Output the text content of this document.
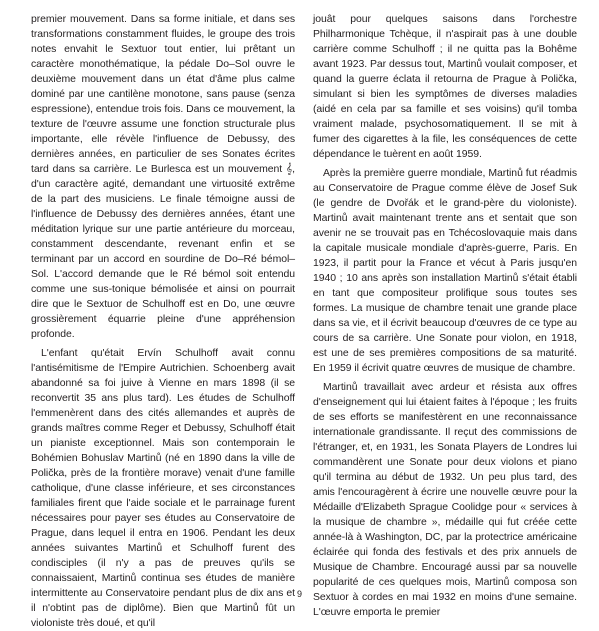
premier mouvement. Dans sa forme initiale, et dans ses transformations constamment fluides, le groupe des trois notes envahit le Sextuor tout entier, lui prêtant un caractère monothématique, la pédale Do–Sol ouvre le deuxième mouvement dans un état d'âme plus calme dominé par une cantilène monotone, sans pause (senza espressione), entendue trois fois. Dans ce mouvement, la texture de l'œuvre assume une fonction structurale plus importante, elle révèle l'influence de Debussy, des dernières années, en particulier de ses Sonates écrites tard dans sa carrière. Le Burlesca est un mouvement 𝄞, d'un caractère agité, demandant une virtuosité extrême de la part des musiciens. Le finale témoigne aussi de l'influence de Debussy des dernières années, étant une méditation lyrique sur une partie antérieure du morceau, constamment descendante, revenant enfin et se terminant par un accord en sourdine de Do–Ré bémol–Sol. L'accord demande que le Ré bémol soit entendu comme une sus-tonique bémolisée et ainsi on pourrait dire que le Sextuor de Schulhoff est en Do, une œuvre grossièrement équarrie pleine d'une appréhension profonde.

L'enfant qu'était Ervín Schulhoff avait connu l'antisémitisme de l'Empire Autrichien. Schoenberg avait abandonné sa foi juive à Vienne en mars 1898 (il se reconvertit 35 ans plus tard). Les études de Schulhoff l'emmenèrent dans des cités allemandes et auprès de grands maîtres comme Reger et Debussy, Schulhoff était un pianiste exceptionnel. Mais son contemporain le Bohémien Bohuslav Martinů (né en 1890 dans la ville de Polička, près de la frontière morave) venait d'une famille catholique, d'une classe inférieure, et ses circonstances familiales firent que l'aide sociale et le parrainage furent nécessaires pour payer ses études au Conservatoire de Prague, dans lequel il entra en 1906. Pendant les deux années suivantes Martinů et Schulhoff furent des condisciples (il n'y a pas de preuves qu'ils se connaissaient, Martinů continua ses études de manière intermittente au Conservatoire pendant plus de dix ans et il n'obtint pas de diplôme). Bien que Martinů fût un violoniste très doué, et qu'il

jouât pour quelques saisons dans l'orchestre Philharmonique Tchèque, il n'aspirait pas à une double carrière comme Schulhoff ; il ne quitta pas la Bohême avant 1923. Par dessus tout, Martinů voulait composer, et quand la guerre éclata il retourna de Prague à Polička, simulant si bien les symptômes de diverses maladies (aidé en cela par sa famille et ses voisins) qu'il tomba vraiment malade, psychosomatiquement. Il se mit à fumer des cigarettes à la file, les conséquences de cette dépendance le tuèrent en août 1959.

Après la première guerre mondiale, Martinů fut réadmis au Conservatoire de Prague comme élève de Josef Suk (le gendre de Dvořák et le grand-père du violoniste). Martinů avait maintenant trente ans et sentait que son avenir ne se trouvait pas en Tchécoslovaquie mais dans la capitale musicale mondiale d'après-guerre, Paris. En 1923, il partit pour la France et vécut à Paris jusqu'en 1940 ; 10 ans après son installation Martinů s'était établi en tant que compositeur prolifique sous toutes ses formes. La musique de chambre tenait une grande place dans sa vie, et il écrivit beaucoup d'œuvres de ce type au cours de sa carrière. Une Sonate pour violon, en 1918, est une de ses premières compositions de sa maturité. En 1959 il écrivit quatre œuvres de musique de chambre.

Martinů travaillait avec ardeur et résista aux offres d'enseignement qui lui étaient faites à l'époque ; les fruits de ses efforts se manifestèrent en une reconnaissance internationale grandissante. Il reçut des commissions de l'étranger, et, en 1931, les Sonata Players de Londres lui commandèrent une Sonate pour deux violons et piano qu'il termina au début de 1932. Un peu plus tard, des amis l'encouragèrent à écrire une nouvelle œuvre pour la Médaille d'Elizabeth Sprague Coolidge pour « services à la musique de chambre », médaille qui fut créée cette année-là à Washington, DC, par la protectrice américaine éclairée qui fonda des festivals et des prix annuels de Musique de Chambre. Encouragé aussi par sa nouvelle popularité de ces quelques mois, Martinů composa son Sextuor à cordes en mai 1932 en moins d'une semaine. L'œuvre emporta le premier

9
